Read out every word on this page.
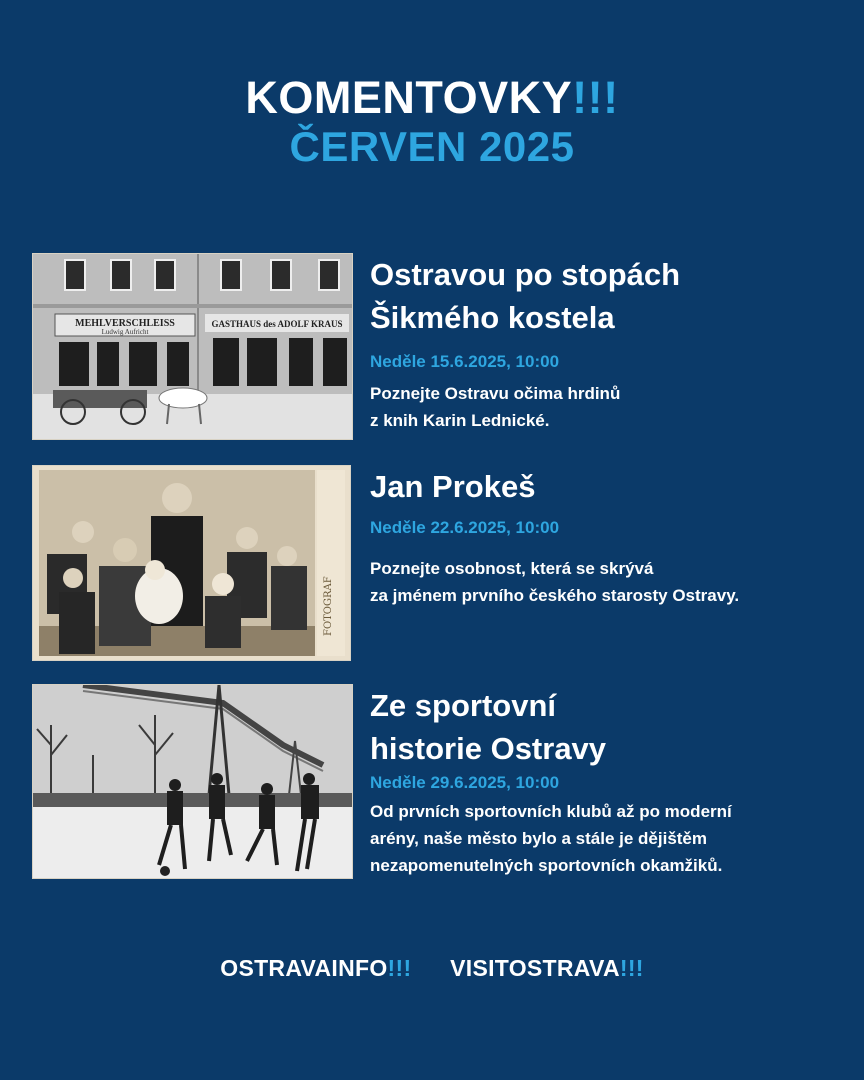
KOMENTOVKY!!!
ČERVEN 2025
MEHLVERSCHLEISS
Ludwig Aufricht
GASTHAUS des ADOLF KRAUS
Ostravou po stopách
Šikmého kostela
Neděle 15.6.2025, 10:00
Poznejte Ostravu očima hrdinů
z knih Karin Lednické.
FOTOGRAF
Jan Prokeš
Neděle 22.6.2025, 10:00
Poznejte osobnost, která se skrývá
za jménem prvního českého starosty Ostravy.
Ze sportovní
historie Ostravy
Neděle 29.6.2025, 10:00
Od prvních sportovních klubů až po moderní
arény, naše město bylo a stále je dějištěm
nezapomenutelných sportovních okamžiků.
OSTRAVAINFO!!! VISITOSTRAVA!!!
